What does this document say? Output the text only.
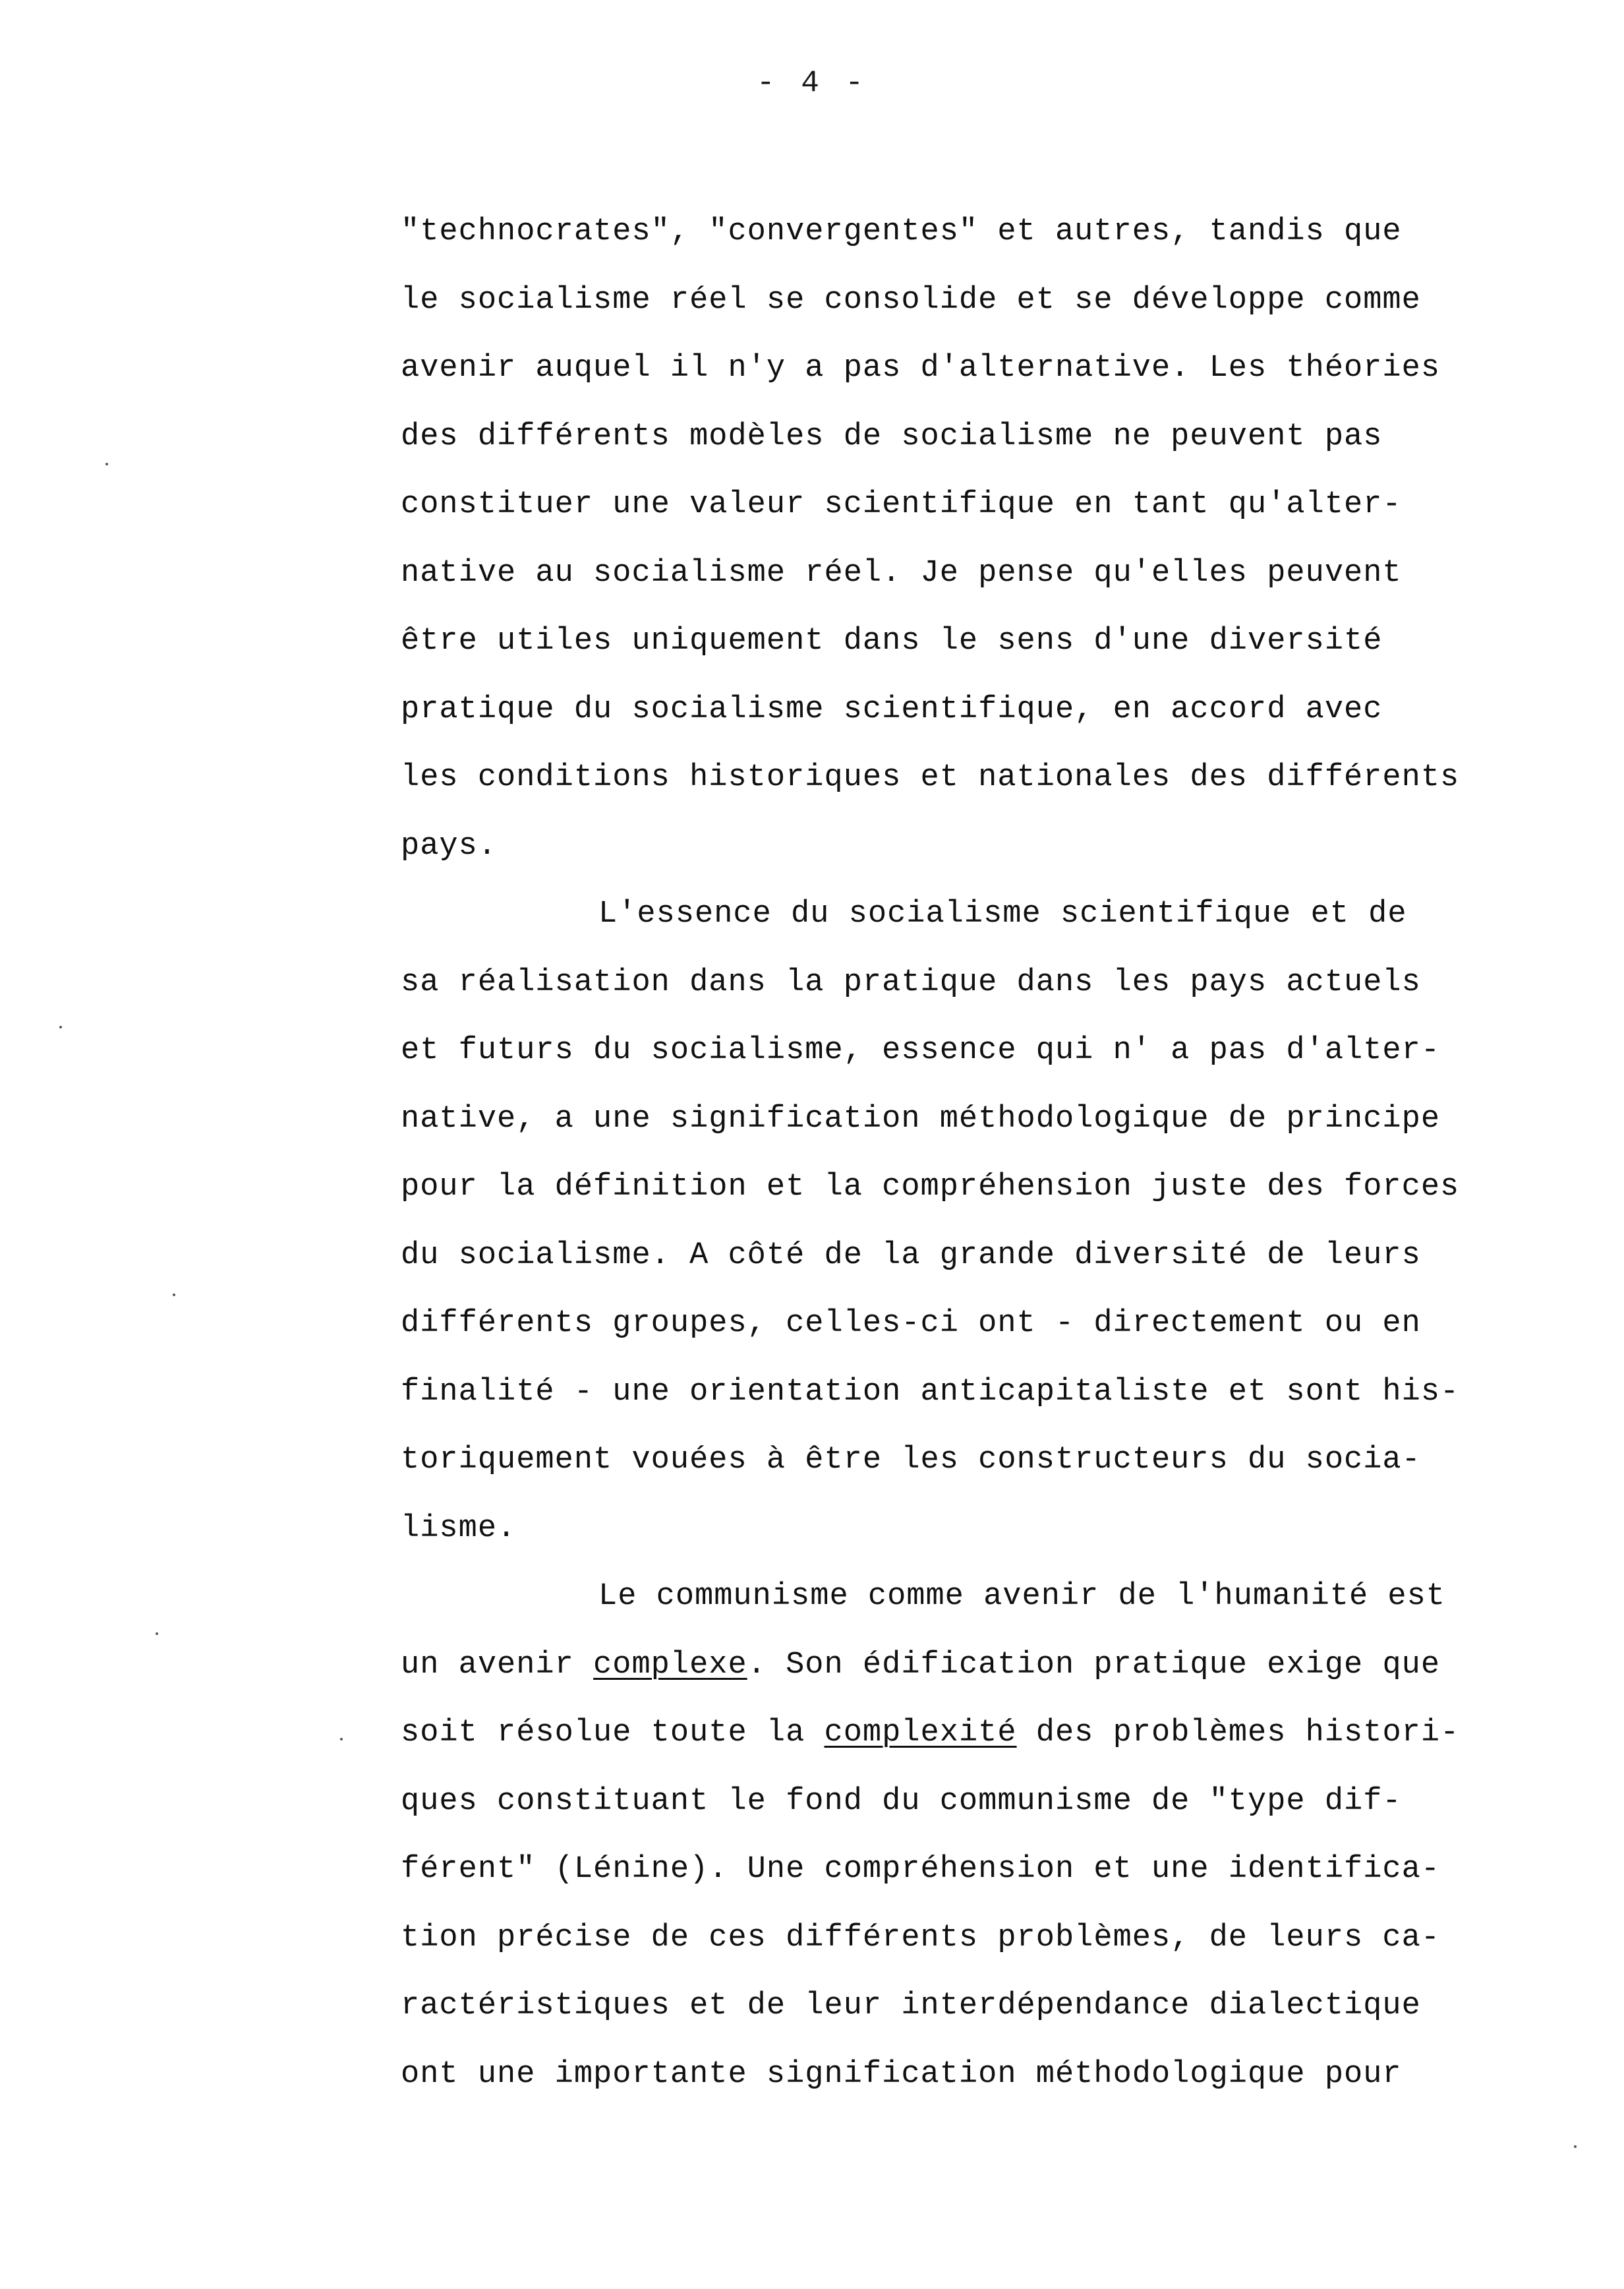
- 4 -
"technocrates", "convergentes" et autres, tandis que
le socialisme réel se consolide et se développe comme
avenir auquel il n'y a pas d'alternative. Les théories
des différents modèles de socialisme ne peuvent pas
constituer une valeur scientifique en tant qu'alter-
native au socialisme réel. Je pense qu'elles peuvent
être utiles uniquement dans le sens d'une diversité
pratique du socialisme scientifique, en accord avec
les conditions historiques et nationales des différents
pays.
L'essence du socialisme scientifique et de
sa réalisation dans la pratique dans les pays actuels
et futurs du socialisme, essence qui n' a pas d'alter-
native, a une signification méthodologique de principe
pour la définition et la compréhension juste des forces
du socialisme. A côté de la grande diversité de leurs
différents groupes, celles-ci ont - directement ou en
finalité - une orientation anticapitaliste et sont his-
toriquement vouées à être les constructeurs du socia-
lisme.
Le communisme comme avenir de l'humanité est
un avenir complexe. Son édification pratique exige que
soit résolue toute la complexité des problèmes histori-
ques constituant le fond du communisme de "type dif-
férent" (Lénine). Une compréhension et une identifica-
tion précise de ces différents problèmes, de leurs ca-
ractéristiques et de leur interdépendance dialectique
ont une importante signification méthodologique pour
